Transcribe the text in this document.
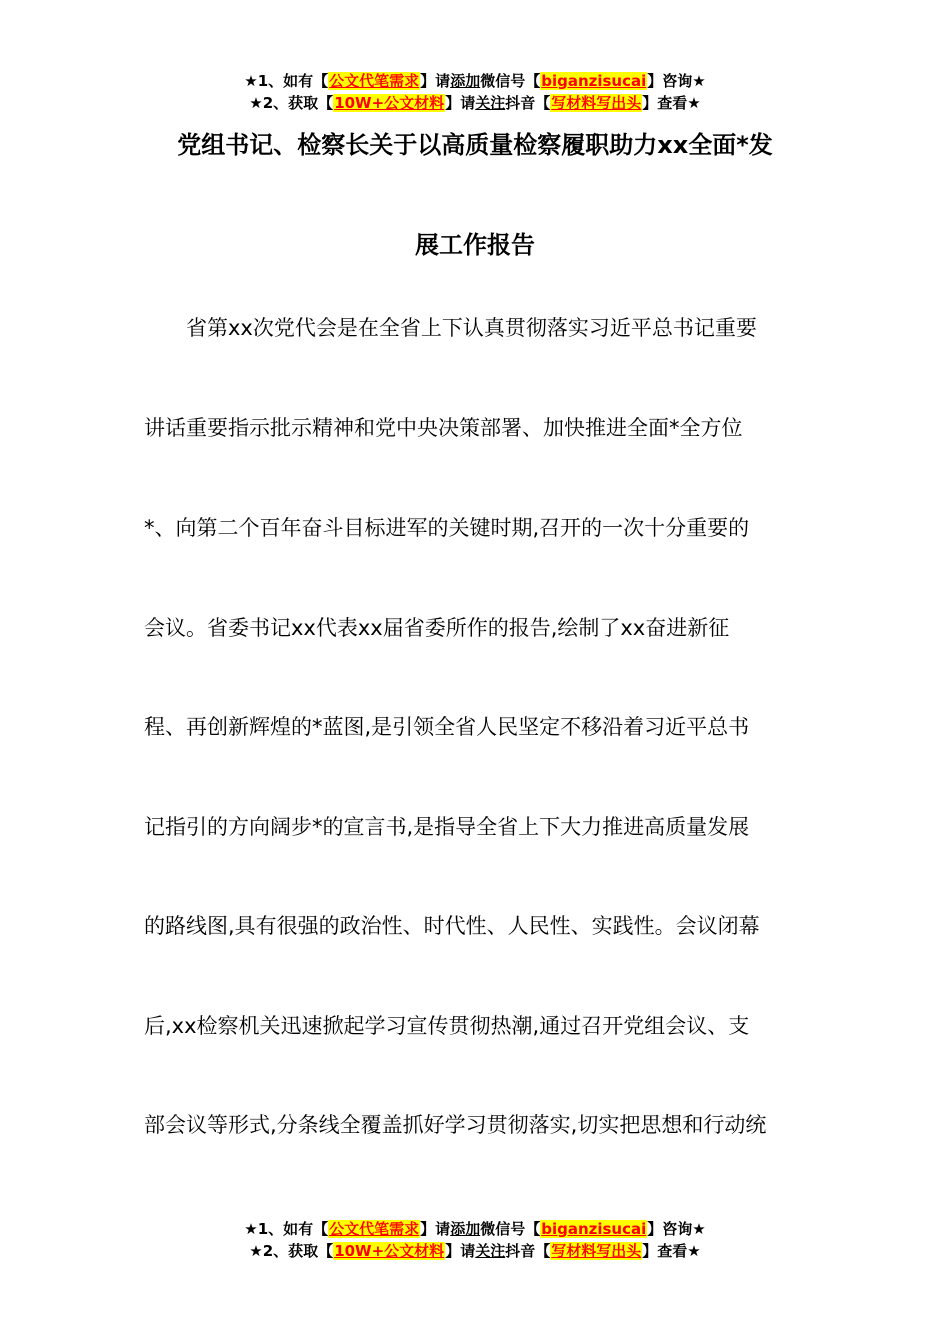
★1、如有【公文代笔需求】请添加微信号【biganzisucai】咨询★
★2、获取【10W+公文材料】请关注抖音【写材料写出头】查看★
党组书记、检察长关于以高质量检察履职助力xx全面*发
展工作报告
省第xx次党代会是在全省上下认真贯彻落实习近平总书记重要
讲话重要指示批示精神和党中央决策部署、加快推进全面*全方位
*、向第二个百年奋斗目标进军的关键时期,召开的一次十分重要的
会议。省委书记xx代表xx届省委所作的报告,绘制了xx奋进新征
程、再创新辉煌的*蓝图,是引领全省人民坚定不移沿着习近平总书
记指引的方向阔步*的宣言书,是指导全省上下大力推进高质量发展
的路线图,具有很强的政治性、时代性、人民性、实践性。会议闭幕
后,xx检察机关迅速掀起学习宣传贯彻热潮,通过召开党组会议、支
部会议等形式,分条线全覆盖抓好学习贯彻落实,切实把思想和行动统
★1、如有【公文代笔需求】请添加微信号【biganzisucai】咨询★
★2、获取【10W+公文材料】请关注抖音【写材料写出头】查看★
